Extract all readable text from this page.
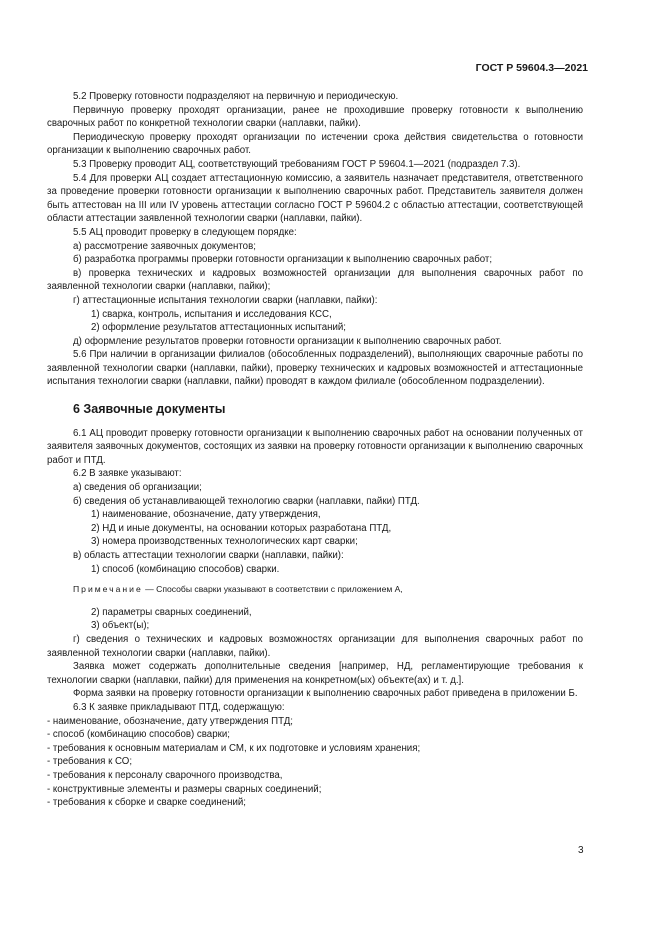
ГОСТ Р 59604.3—2021
5.2 Проверку готовности подразделяют на первичную и периодическую.
Первичную проверку проходят организации, ранее не проходившие проверку готовности к выполнению сварочных работ по конкретной технологии сварки (наплавки, пайки).
Периодическую проверку проходят организации по истечении срока действия свидетельства о готовности организации к выполнению сварочных работ.
5.3 Проверку проводит АЦ, соответствующий требованиям ГОСТ Р 59604.1—2021 (подраздел 7.3).
5.4 Для проверки АЦ создает аттестационную комиссию, а заявитель назначает представителя, ответственного за проведение проверки готовности организации к выполнению сварочных работ. Представитель заявителя должен быть аттестован на III или IV уровень аттестации согласно ГОСТ Р 59604.2 с областью аттестации, соответствующей области аттестации заявленной технологии сварки (наплавки, пайки).
5.5 АЦ проводит проверку в следующем порядке:
а) рассмотрение заявочных документов;
б) разработка программы проверки готовности организации к выполнению сварочных работ;
в) проверка технических и кадровых возможностей организации для выполнения сварочных работ по заявленной технологии сварки (наплавки, пайки);
г) аттестационные испытания технологии сварки (наплавки, пайки):
1) сварка, контроль, испытания и исследования КСС,
2) оформление результатов аттестационных испытаний;
д) оформление результатов проверки готовности организации к выполнению сварочных работ.
5.6 При наличии в организации филиалов (обособленных подразделений), выполняющих сварочные работы по заявленной технологии сварки (наплавки, пайки), проверку технических и кадровых возможностей и аттестационные испытания технологии сварки (наплавки, пайки) проводят в каждом филиале (обособленном подразделении).
6 Заявочные документы
6.1 АЦ проводит проверку готовности организации к выполнению сварочных работ на основании полученных от заявителя заявочных документов, состоящих из заявки на проверку готовности организации к выполнению сварочных работ и ПТД.
6.2 В заявке указывают:
а) сведения об организации;
б) сведения об устанавливающей технологию сварки (наплавки, пайки) ПТД.
1) наименование, обозначение, дату утверждения,
2) НД и иные документы, на основании которых разработана ПТД,
3) номера производственных технологических карт сварки;
в) область аттестации технологии сварки (наплавки, пайки):
1) способ (комбинацию способов) сварки.
Примечание — Способы сварки указывают в соответствии с приложением А,
2) параметры сварных соединений,
3) объект(ы);
г) сведения о технических и кадровых возможностях организации для выполнения сварочных работ по заявленной технологии сварки (наплавки, пайки).
Заявка может содержать дополнительные сведения [например, НД, регламентирующие требования к технологии сварки (наплавки, пайки) для применения на конкретном(ых) объекте(ах) и т. д.].
Форма заявки на проверку готовности организации к выполнению сварочных работ приведена в приложении Б.
6.3 К заявке прикладывают ПТД, содержащую:
- наименование, обозначение, дату утверждения ПТД;
- способ (комбинацию способов) сварки;
- требования к основным материалам и СМ, к их подготовке и условиям хранения;
- требования к СО;
- требования к персоналу сварочного производства,
- конструктивные элементы и размеры сварных соединений;
- требования к сборке и сварке соединений;
3
